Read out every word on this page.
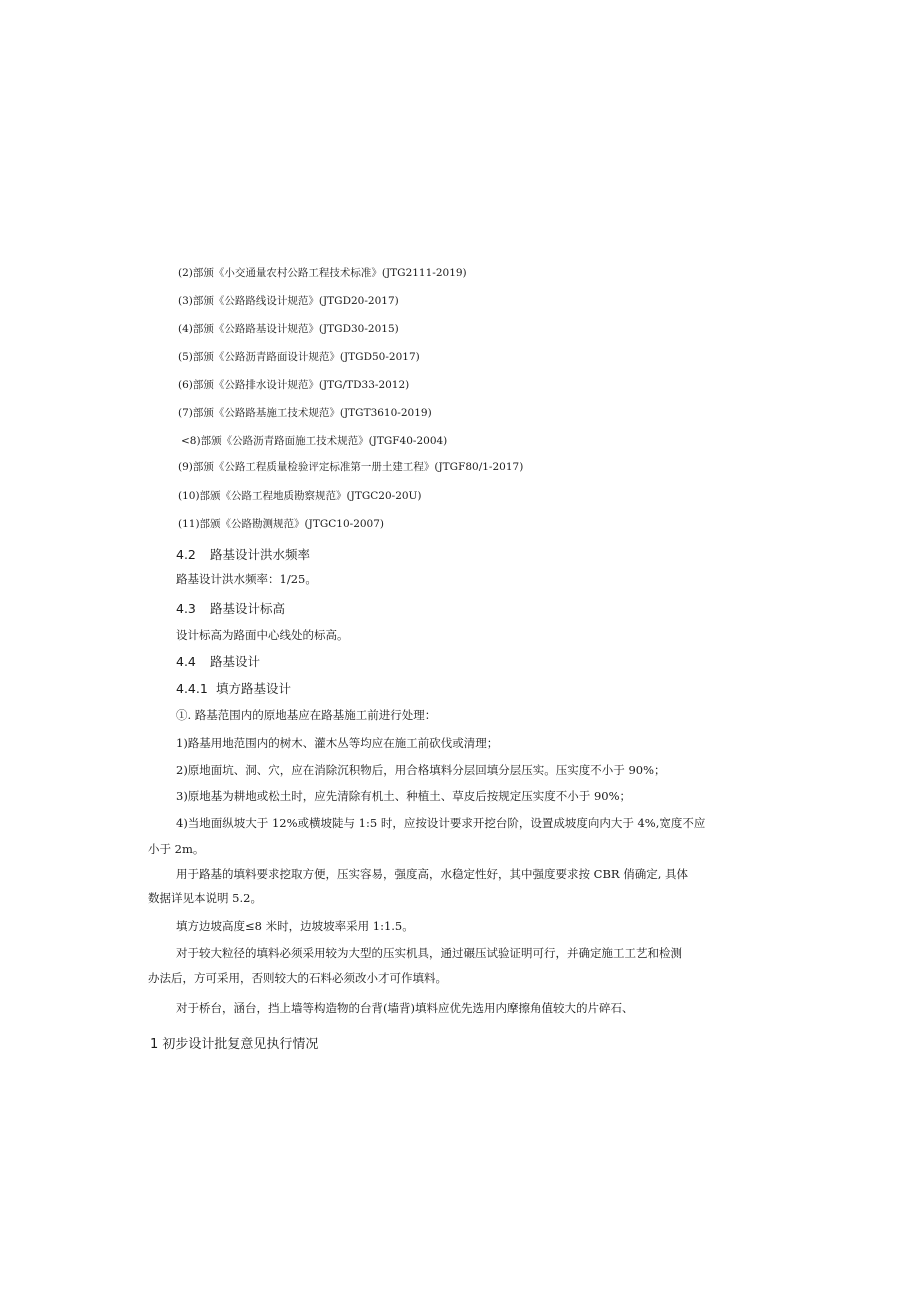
(2)部颁《小交通量农村公路工程技术标准》(JTG2111-2019)
(3)部颁《公路路线设计规范》(JTGD20-2017)
(4)部颁《公路路基设计规范》(JTGD30-2015)
(5)部颁《公路沥青路面设计规范》(JTGD50-2017)
(6)部颁《公路排水设计规范》(JTG/TD33-2012)
(7)部颁《公路路基施工技术规范》(JTGT3610-2019)
<8)部颁《公路沥青路面施工技术规范》(JTGF40-2004)
(9)部颁《公路工程质量检验评定标准第一册土建工程》(JTGF80/1-2017)
(10)部颁《公路工程地质勘察规范》(JTGC20-20U)
(11)部颁《公路勘测规范》(JTGC10-2007)
4.2 路基设计洪水频率
路基设计洪水频率：1/25。
4.3 路基设计标高
设计标高为路面中心线处的标高。
4.4 路基设计
4.4.1 填方路基设计
①. 路基范围内的原地基应在路基施工前进行处理：
1)路基用地范围内的树木、灌木丛等均应在施工前砍伐或清理；
2)原地面坑、洞、穴，应在消除沉积物后，用合格填料分层回填分层压实。压实度不小于 90%；
3)原地基为耕地或松土时，应先清除有机土、种植土、草皮后按规定压实度不小于 90%；
4)当地面纵坡大于 12%或横坡陡与 1:5 时，应按设计要求开挖台阶，设置成坡度向内大于 4%,宽度不应
小于 2m。
用于路基的填料要求挖取方便，压实容易，强度高，水稳定性好，其中强度要求按 CBR 俏确定, 具体
数据详见本说明 5.2。
填方边坡高度≤8 米时，边坡坡率采用 1:1.5。
对于较大粒径的填料必须采用较为大型的压实机具，通过碾压试验证明可行，并确定施工工艺和检测
办法后，方可采用，否则较大的石料必须改小才可作填料。
对于桥台，涵台，挡上墙等构造物的台背(墙背)填料应优先选用内摩擦角值较大的片碎石、
1 初步设计批复意见执行情况
